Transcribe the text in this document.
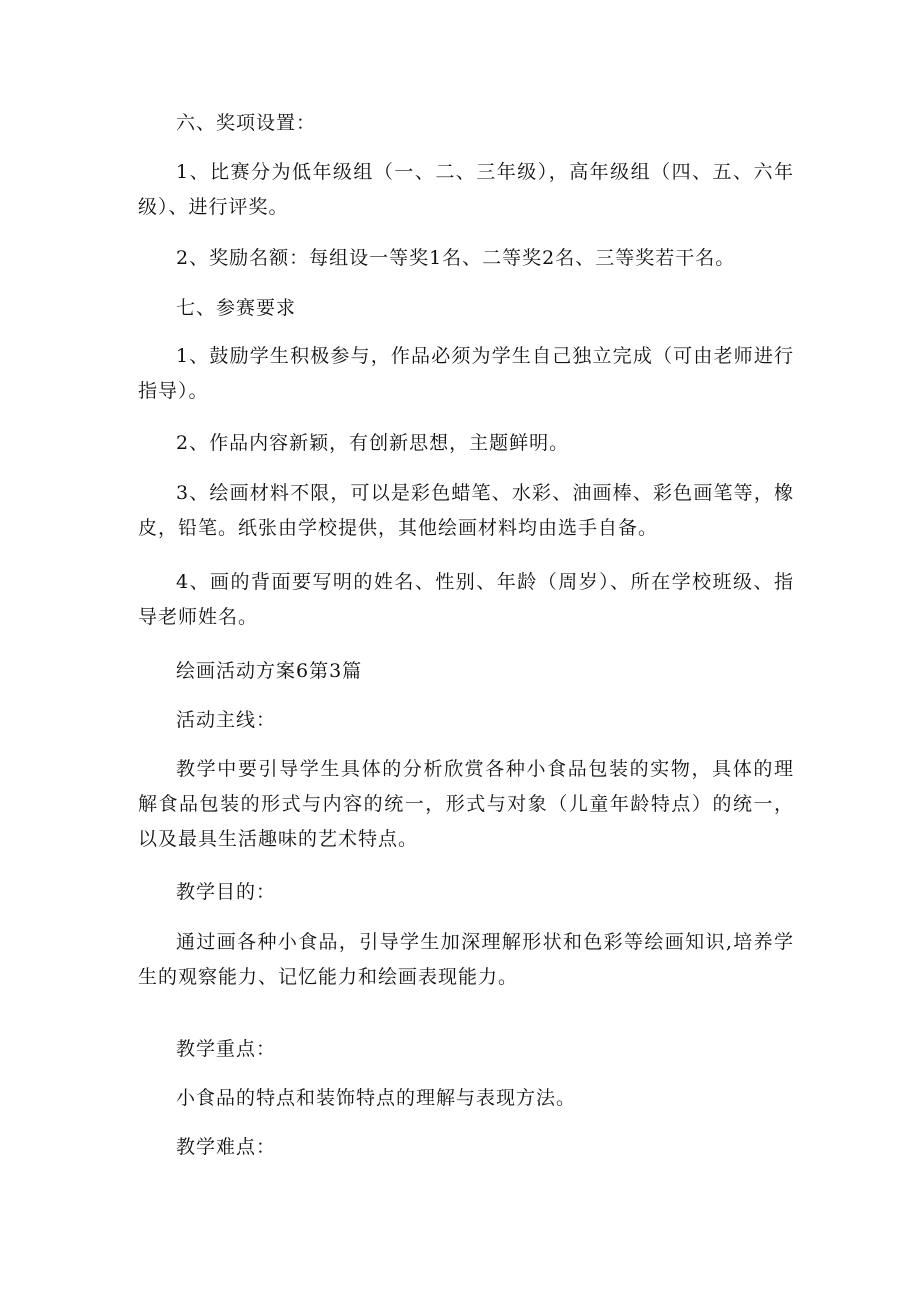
六、奖项设置：

1、比赛分为低年级组（一、二、三年级），高年级组（四、五、六年级）、进行评奖。

2、奖励名额：每组设一等奖1名、二等奖2名、三等奖若干名。

七、参赛要求

1、鼓励学生积极参与，作品必须为学生自己独立完成（可由老师进行指导）。

2、作品内容新颖，有创新思想，主题鲜明。

3、绘画材料不限，可以是彩色蜡笔、水彩、油画棒、彩色画笔等，橡皮，铅笔。纸张由学校提供，其他绘画材料均由选手自备。

4、画的背面要写明的姓名、性别、年龄（周岁）、所在学校班级、指导老师姓名。

绘画活动方案6第3篇

活动主线：

教学中要引导学生具体的分析欣赏各种小食品包装的实物，具体的理解食品包装的形式与内容的统一，形式与对象（儿童年龄特点）的统一，以及最具生活趣味的艺术特点。

教学目的：

通过画各种小食品，引导学生加深理解形状和色彩等绘画知识,培养学生的观察能力、记忆能力和绘画表现能力。

教学重点：

小食品的特点和装饰特点的理解与表现方法。

教学难点：
